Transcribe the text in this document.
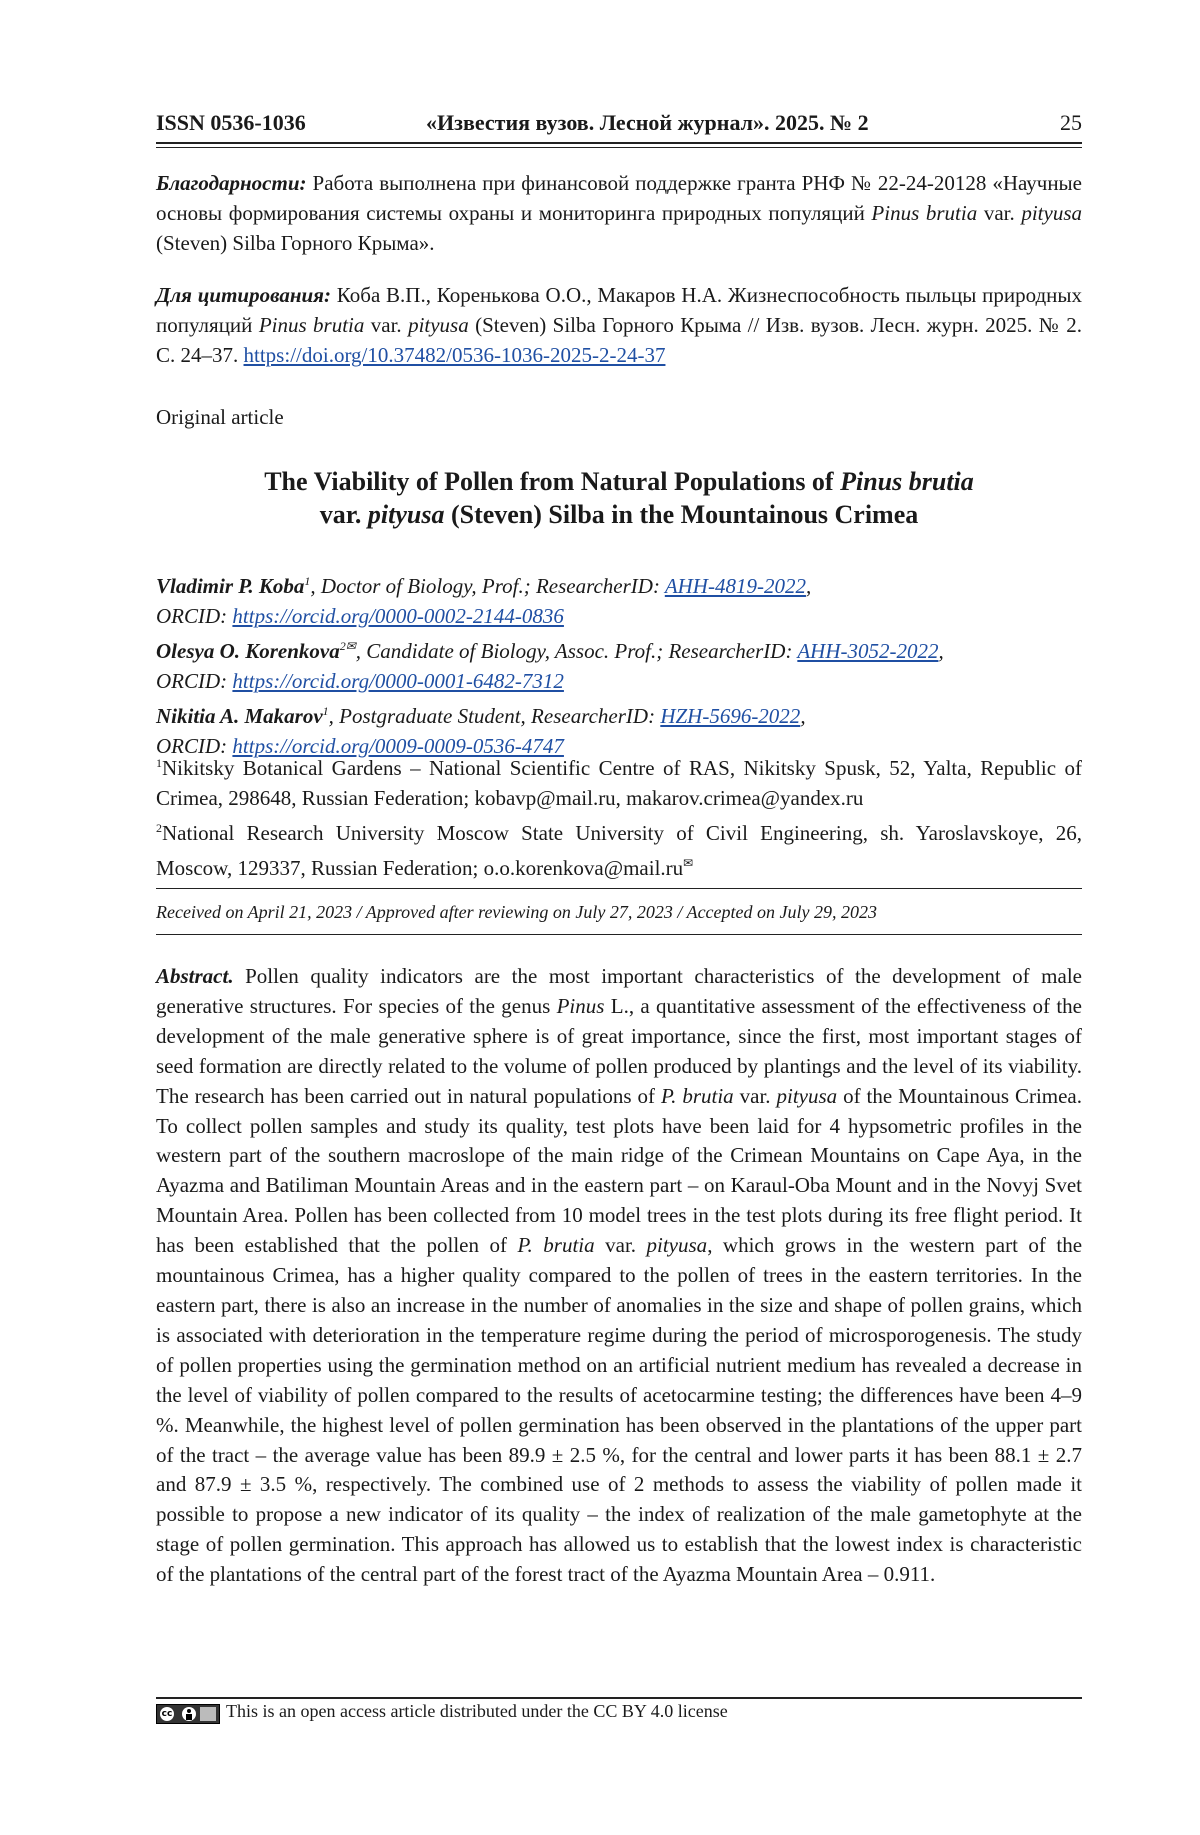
ISSN 0536-1036	«Известия вузов. Лесной журнал». 2025. № 2	25
Благодарности: Работа выполнена при финансовой поддержке гранта РНФ № 22-24-20128 «Научные основы формирования системы охраны и мониторинга природных популяций Pinus brutia var. pityusa (Steven) Silba Горного Крыма».
Для цитирования: Коба В.П., Кореньковa О.О., Макаров Н.А. Жизнеспособность пыльцы природных популяций Pinus brutia var. pityusa (Steven) Silba Горного Крыма // Изв. вузов. Лесн. журн. 2025. № 2. С. 24–37. https://doi.org/10.37482/0536-1036-2025-2-24-37
Original article
The Viability of Pollen from Natural Populations of Pinus brutia
var. pityusa (Steven) Silba in the Mountainous Crimea
Vladimir P. Koba1, Doctor of Biology, Prof.; ResearcherID: AHH-4819-2022,
ORCID: https://orcid.org/0000-0002-2144-0836
Olesya O. Korenkova2✉, Candidate of Biology, Assoc. Prof.; ResearcherID: AHH-3052-2022,
ORCID: https://orcid.org/0000-0001-6482-7312
Nikitia A. Makarov1, Postgraduate Student, ResearcherID: HZH-5696-2022,
ORCID: https://orcid.org/0009-0009-0536-4747
1Nikitsky Botanical Gardens – National Scientific Centre of RAS, Nikitsky Spusk, 52, Yalta, Republic of Crimea, 298648, Russian Federation; kobavp@mail.ru, makarov.crimea@yandex.ru
2National Research University Moscow State University of Civil Engineering, sh. Yaroslavskoye, 26, Moscow, 129337, Russian Federation; o.o.korenkova@mail.ru✉
Received on April 21, 2023 / Approved after reviewing on July 27, 2023 / Accepted on July 29, 2023
Abstract. Pollen quality indicators are the most important characteristics of the development of male generative structures. For species of the genus Pinus L., a quantitative assessment of the effectiveness of the development of the male generative sphere is of great importance, since the first, most important stages of seed formation are directly related to the volume of pollen produced by plantings and the level of its viability. The research has been carried out in natural populations of P. brutia var. pityusa of the Mountainous Crimea. To collect pollen samples and study its quality, test plots have been laid for 4 hypsometric profiles in the western part of the southern macroslope of the main ridge of the Crimean Mountains on Cape Aya, in the Ayazma and Batiliman Mountain Areas and in the eastern part – on Karaul-Oba Mount and in the Novyj Svet Mountain Area. Pollen has been collected from 10 model trees in the test plots during its free flight period. It has been established that the pollen of P. brutia var. pityusa, which grows in the western part of the mountainous Crimea, has a higher quality compared to the pollen of trees in the eastern territories. In the eastern part, there is also an increase in the number of anomalies in the size and shape of pollen grains, which is associated with deterioration in the temperature regime during the period of microsporogenesis. The study of pollen properties using the germination method on an artificial nutrient medium has revealed a decrease in the level of viability of pollen compared to the results of acetocarmine testing; the differences have been 4–9 %. Meanwhile, the highest level of pollen germination has been observed in the plantations of the upper part of the tract – the average value has been 89.9 ± 2.5 %, for the central and lower parts it has been 88.1 ± 2.7 and 87.9 ± 3.5 %, respectively. The combined use of 2 methods to assess the viability of pollen made it possible to propose a new indicator of its quality – the index of realization of the male gametophyte at the stage of pollen germination. This approach has allowed us to establish that the lowest index is characteristic of the plantations of the central part of the forest tract of the Ayazma Mountain Area – 0.911.
cc	This is an open access article distributed under the CC BY 4.0 license
